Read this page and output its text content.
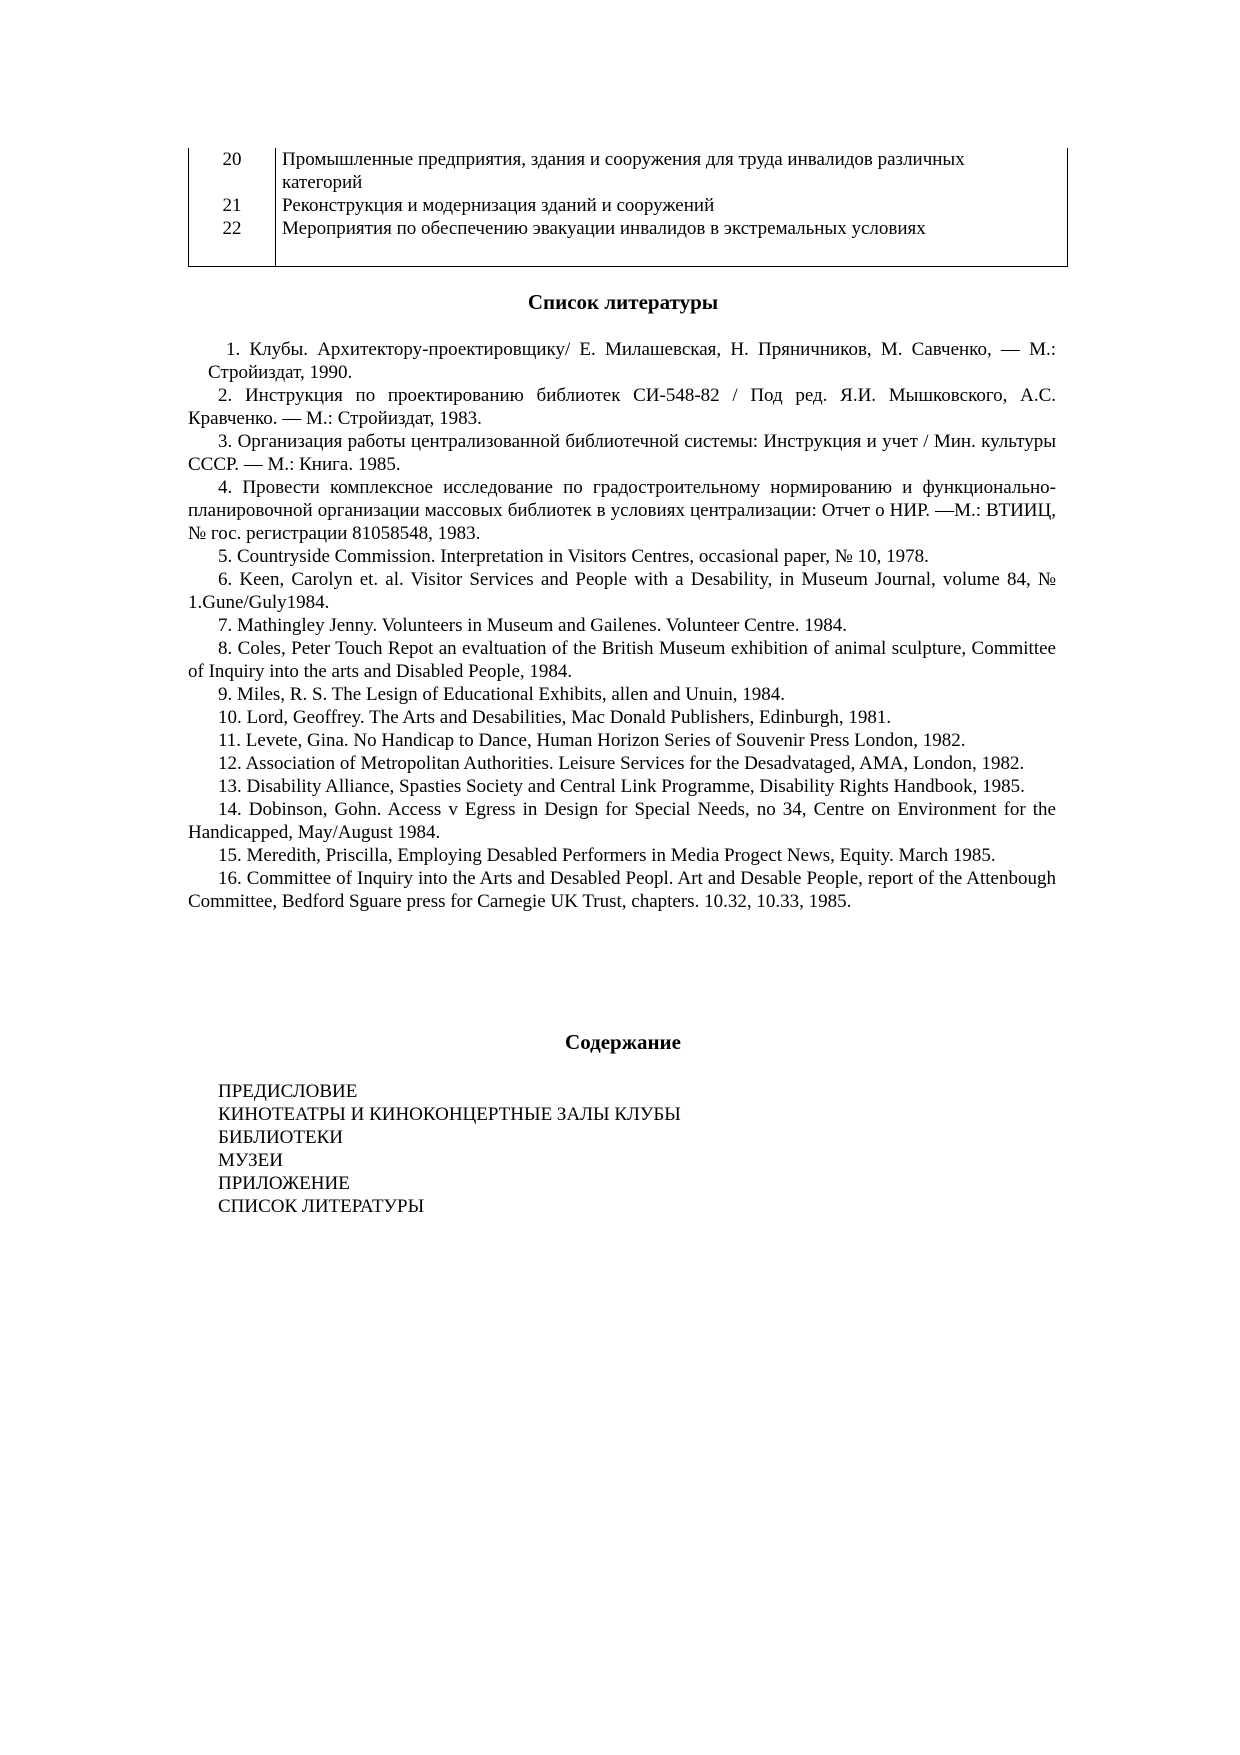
20	Промышленные предприятия, здания и сооружения для труда инвалидов различных категорий
21	Реконструкция и модернизация зданий и сооружений
22	Мероприятия по обеспечению эвакуации инвалидов в экстремальных условиях
Список литературы

1. Клубы. Архитектору-проектировщику/ Е. Милашевская, Н. Пряничников, М. Савченко, — М.: Стройиздат, 1990.

2. Инструкция по проектированию библиотек СИ-548-82 / Под ред. Я.И. Мышковского, А.С. Кравченко. — М.: Стройиздат, 1983.

3. Организация работы централизованной библиотечной системы: Инструкция и учет / Мин. культуры СССР. — М.: Книга. 1985.

4. Провести комплексное исследование по градостроительному нормированию и функционально-планировочной организации массовых библиотек в условиях централизации: Отчет о НИР. —М.: ВТИИЦ, № гос. регистрации 81058548, 1983.

5. Countryside Commission. Interpretation in Visitors Centres, occasional paper, № 10, 1978.

6. Keen, Carolyn et. al. Visitor Services and People with a Desability, in Museum Journal, volume 84, № 1.Gune/Guly1984.

7. Mathingley Jenny. Volunteers in Museum and Gailenes. Volunteer Centre. 1984.

8. Coles, Peter Touch Repot an evaltuation of the British Museum exhibition of animal sculpture, Committee of Inquiry into the arts and Disabled People, 1984.

9. Miles, R. S. The Lesign of Educational Exhibits, allen and Unuin, 1984.

10. Lord, Geoffrey. The Arts and Desabilities, Mac Donald Publishers, Edinburgh, 1981.

11. Levete, Gina. No Handicap to Dance, Human Horizon Series of Souvenir Press London, 1982.

12. Association of Metropolitan Authorities. Leisure Services for the Desadvataged, AMA, London, 1982.

13. Disability Alliance, Spasties Society and Central Link Programme, Disability Rights Handbook, 1985.

14. Dobinson, Gohn. Access v Egress in Design for Special Needs, no 34, Centre on Environment for the Handicapped, May/August 1984.

15. Meredith, Priscilla, Employing Desabled Performers in Media Progect News, Equity. March 1985.

16. Committee of Inquiry into the Arts and Desabled Peopl. Art and Desable People, report of the Attenbough Committee, Bedford Sguare press for Carnegie UK Trust, chapters. 10.32, 10.33, 1985.

Содержание
ПРЕДИСЛОВИЕ
КИНОТЕАТРЫ И КИНОКОНЦЕРТНЫЕ ЗАЛЫ КЛУБЫ
БИБЛИОТЕКИ
МУЗЕИ
ПРИЛОЖЕНИЕ
СПИСОК ЛИТЕРАТУРЫ
